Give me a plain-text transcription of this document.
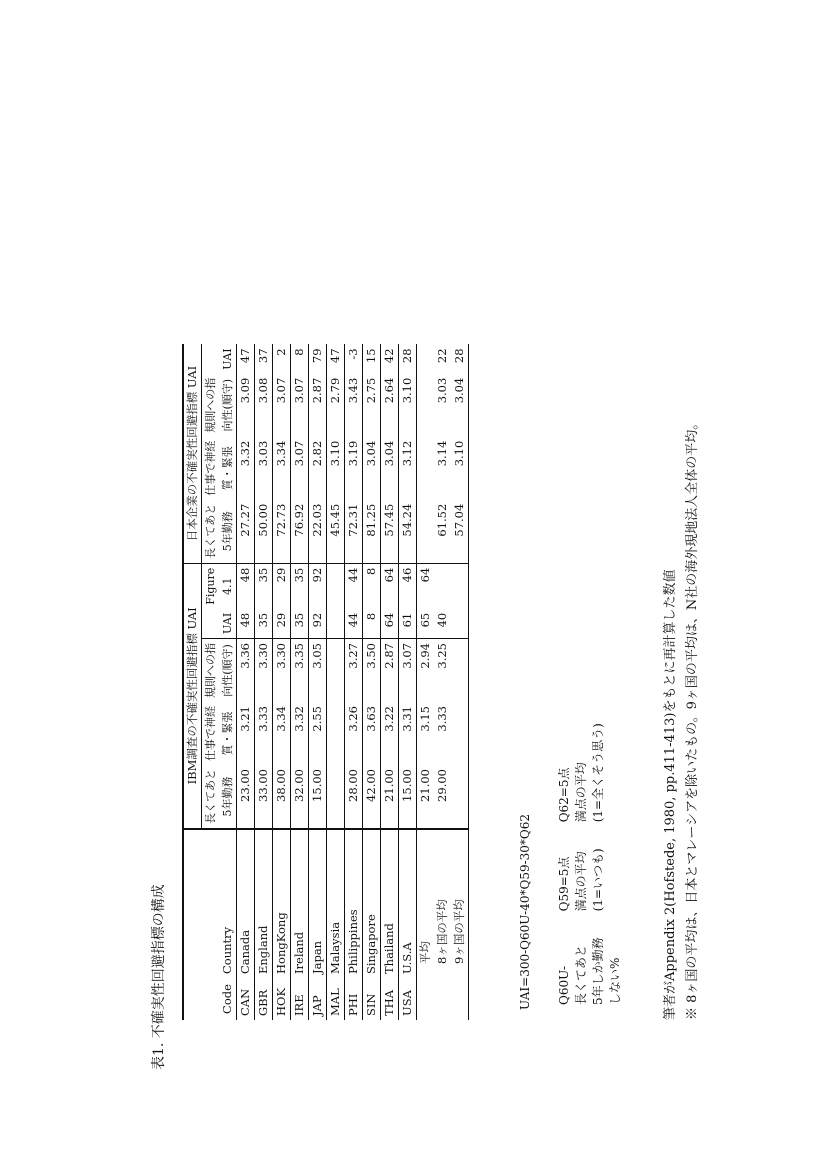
表1. 不確実性回避指標の構成
		IBM調査の不確実性回避指標 UAI					日本企業の不確実性回避指標 UAI			
		長くてあと	仕事で神経	規則への指		Figure	長くてあと	仕事で神経	規則への指	
Code	Country	5年勤務	質・緊張	向性(順守)	UAI	4.1	5年勤務	質・緊張	向性(順守)	UAI
CAN	Canada	23.00	3.21	3.36	48	48	27.27	3.32	3.09	47
GBR	England	33.00	3.33	3.30	35	35	50.00	3.03	3.08	37
HOK	HongKong	38.00	3.34	3.30	29	29	72.73	3.34	3.07	2
IRE	Ireland	32.00	3.32	3.35	35	35	76.92	3.07	3.07	8
JAP	Japan	15.00	2.55	3.05	92	92	22.03	2.82	2.87	79
MAL	Malaysia						45.45	3.10	2.79	47
PHI	Philippines	28.00	3.26	3.27	44	44	72.31	3.19	3.43	-3
SIN	Singapore	42.00	3.63	3.50	8	8	81.25	3.04	2.75	15
THA	Thailand	21.00	3.22	2.87	64	64	57.45	3.04	2.64	42
USA	U.S.A	15.00	3.31	3.07	61	46	54.24	3.12	3.10	28
	平均	21.00	3.15	2.94	65	64				
	8ヶ国の平均	29.00	3.33	3.25	40		61.52	3.14	3.03	22
	9ヶ国の平均						57.04	3.10	3.04	28
UAI=300-Q60U-40*Q59-30*Q62 Q60U- 長くてあと 5年しか勤務 しない%
Q59=5点 満点の平均 (1=いつも)
Q62=5点 満点の平均 (1=全くそう思う)	筆者がAppendix 2(Hofstede, 1980, pp.411-413)をもとに再計算した数値 ※ 8ヶ国の平均は、日本とマレーシアを除いたもの。9ヶ国の平均は、N社の海外現地法人全体の平均。
